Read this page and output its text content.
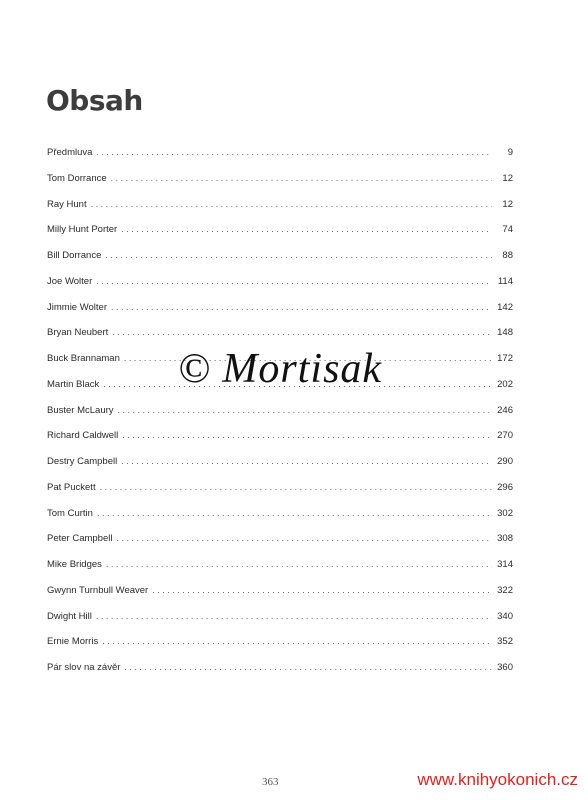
Obsah
Předmluva . . .	9
Tom Dorrance . . .	12
Ray Hunt . . .	12
Milly Hunt Porter . . .	74
Bill Dorrance . . .	88
Joe Wolter . . .	114
Jimmie Wolter . . .	142
Bryan Neubert . . .	148
Buck Brannaman . . .	172
Martin Black . . .	202
Buster McLaury . . .	246
Richard Caldwell . . .	270
Destry Campbell . . .	290
Pat Puckett . . .	296
Tom Curtin . . .	302
Peter Campbell . . .	308
Mike Bridges . . .	314
Gwynn Turnbull Weaver . . .	322
Dwight Hill . . .	340
Ernie Morris . . .	352
Pár slov na závěr . . .	360
© Mortisak
363	www.knihyokonich.cz
